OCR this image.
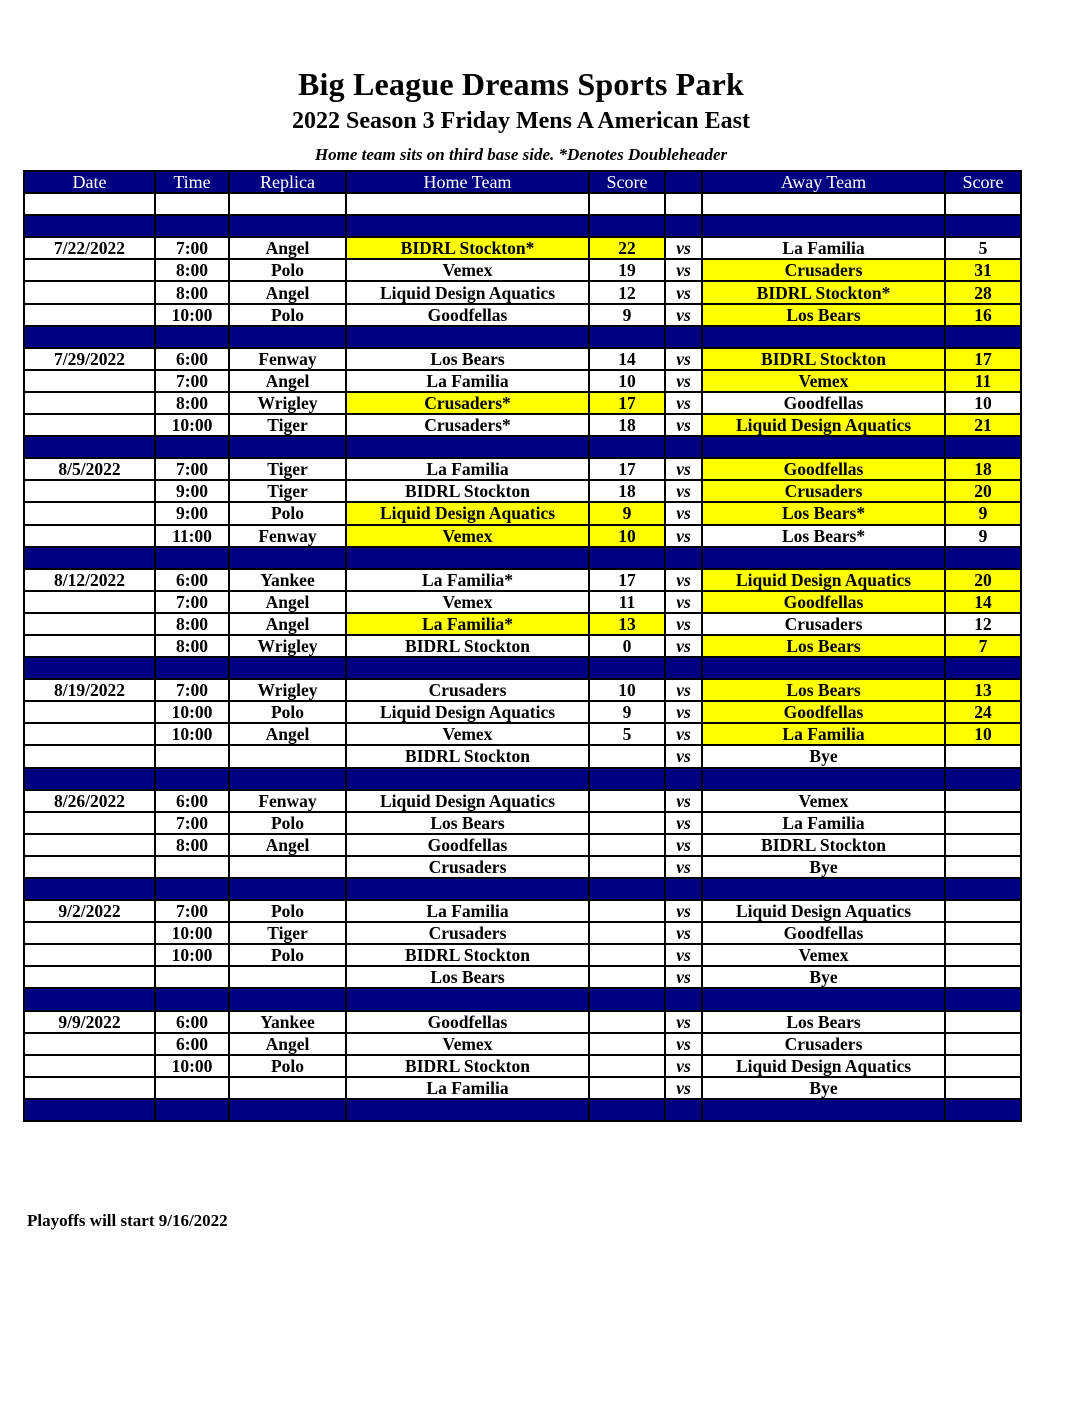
Big League Dreams Sports Park
2022 Season 3 Friday Mens A American East
Home team sits on third base side. *Denotes Doubleheader
Date	Time	Replica	Home Team	Score		Away Team	Score

7/22/2022	7:00	Angel	BIDRL Stockton*	22	vs	La Familia	5
	8:00	Polo	Vemex	19	vs	Crusaders	31
	8:00	Angel	Liquid Design Aquatics	12	vs	BIDRL Stockton*	28
	10:00	Polo	Goodfellas	9	vs	Los Bears	16

7/29/2022	6:00	Fenway	Los Bears	14	vs	BIDRL Stockton	17
	7:00	Angel	La Familia	10	vs	Vemex	11
	8:00	Wrigley	Crusaders*	17	vs	Goodfellas	10
	10:00	Tiger	Crusaders*	18	vs	Liquid Design Aquatics	21

8/5/2022	7:00	Tiger	La Familia	17	vs	Goodfellas	18
	9:00	Tiger	BIDRL Stockton	18	vs	Crusaders	20
	9:00	Polo	Liquid Design Aquatics	9	vs	Los Bears*	9
	11:00	Fenway	Vemex	10	vs	Los Bears*	9

8/12/2022	6:00	Yankee	La Familia*	17	vs	Liquid Design Aquatics	20
	7:00	Angel	Vemex	11	vs	Goodfellas	14
	8:00	Angel	La Familia*	13	vs	Crusaders	12
	8:00	Wrigley	BIDRL Stockton	0	vs	Los Bears	7

8/19/2022	7:00	Wrigley	Crusaders	10	vs	Los Bears	13
	10:00	Polo	Liquid Design Aquatics	9	vs	Goodfellas	24
	10:00	Angel	Vemex	5	vs	La Familia	10
			BIDRL Stockton		vs	Bye	

8/26/2022	6:00	Fenway	Liquid Design Aquatics		vs	Vemex	
	7:00	Polo	Los Bears		vs	La Familia	
	8:00	Angel	Goodfellas		vs	BIDRL Stockton	
			Crusaders		vs	Bye	

9/2/2022	7:00	Polo	La Familia		vs	Liquid Design Aquatics	
	10:00	Tiger	Crusaders		vs	Goodfellas	
	10:00	Polo	BIDRL Stockton		vs	Vemex	
			Los Bears		vs	Bye	

9/9/2022	6:00	Yankee	Goodfellas		vs	Los Bears	
	6:00	Angel	Vemex		vs	Crusaders	
	10:00	Polo	BIDRL Stockton		vs	Liquid Design Aquatics	
			La Familia		vs	Bye	

Playoffs will start 9/16/2022
